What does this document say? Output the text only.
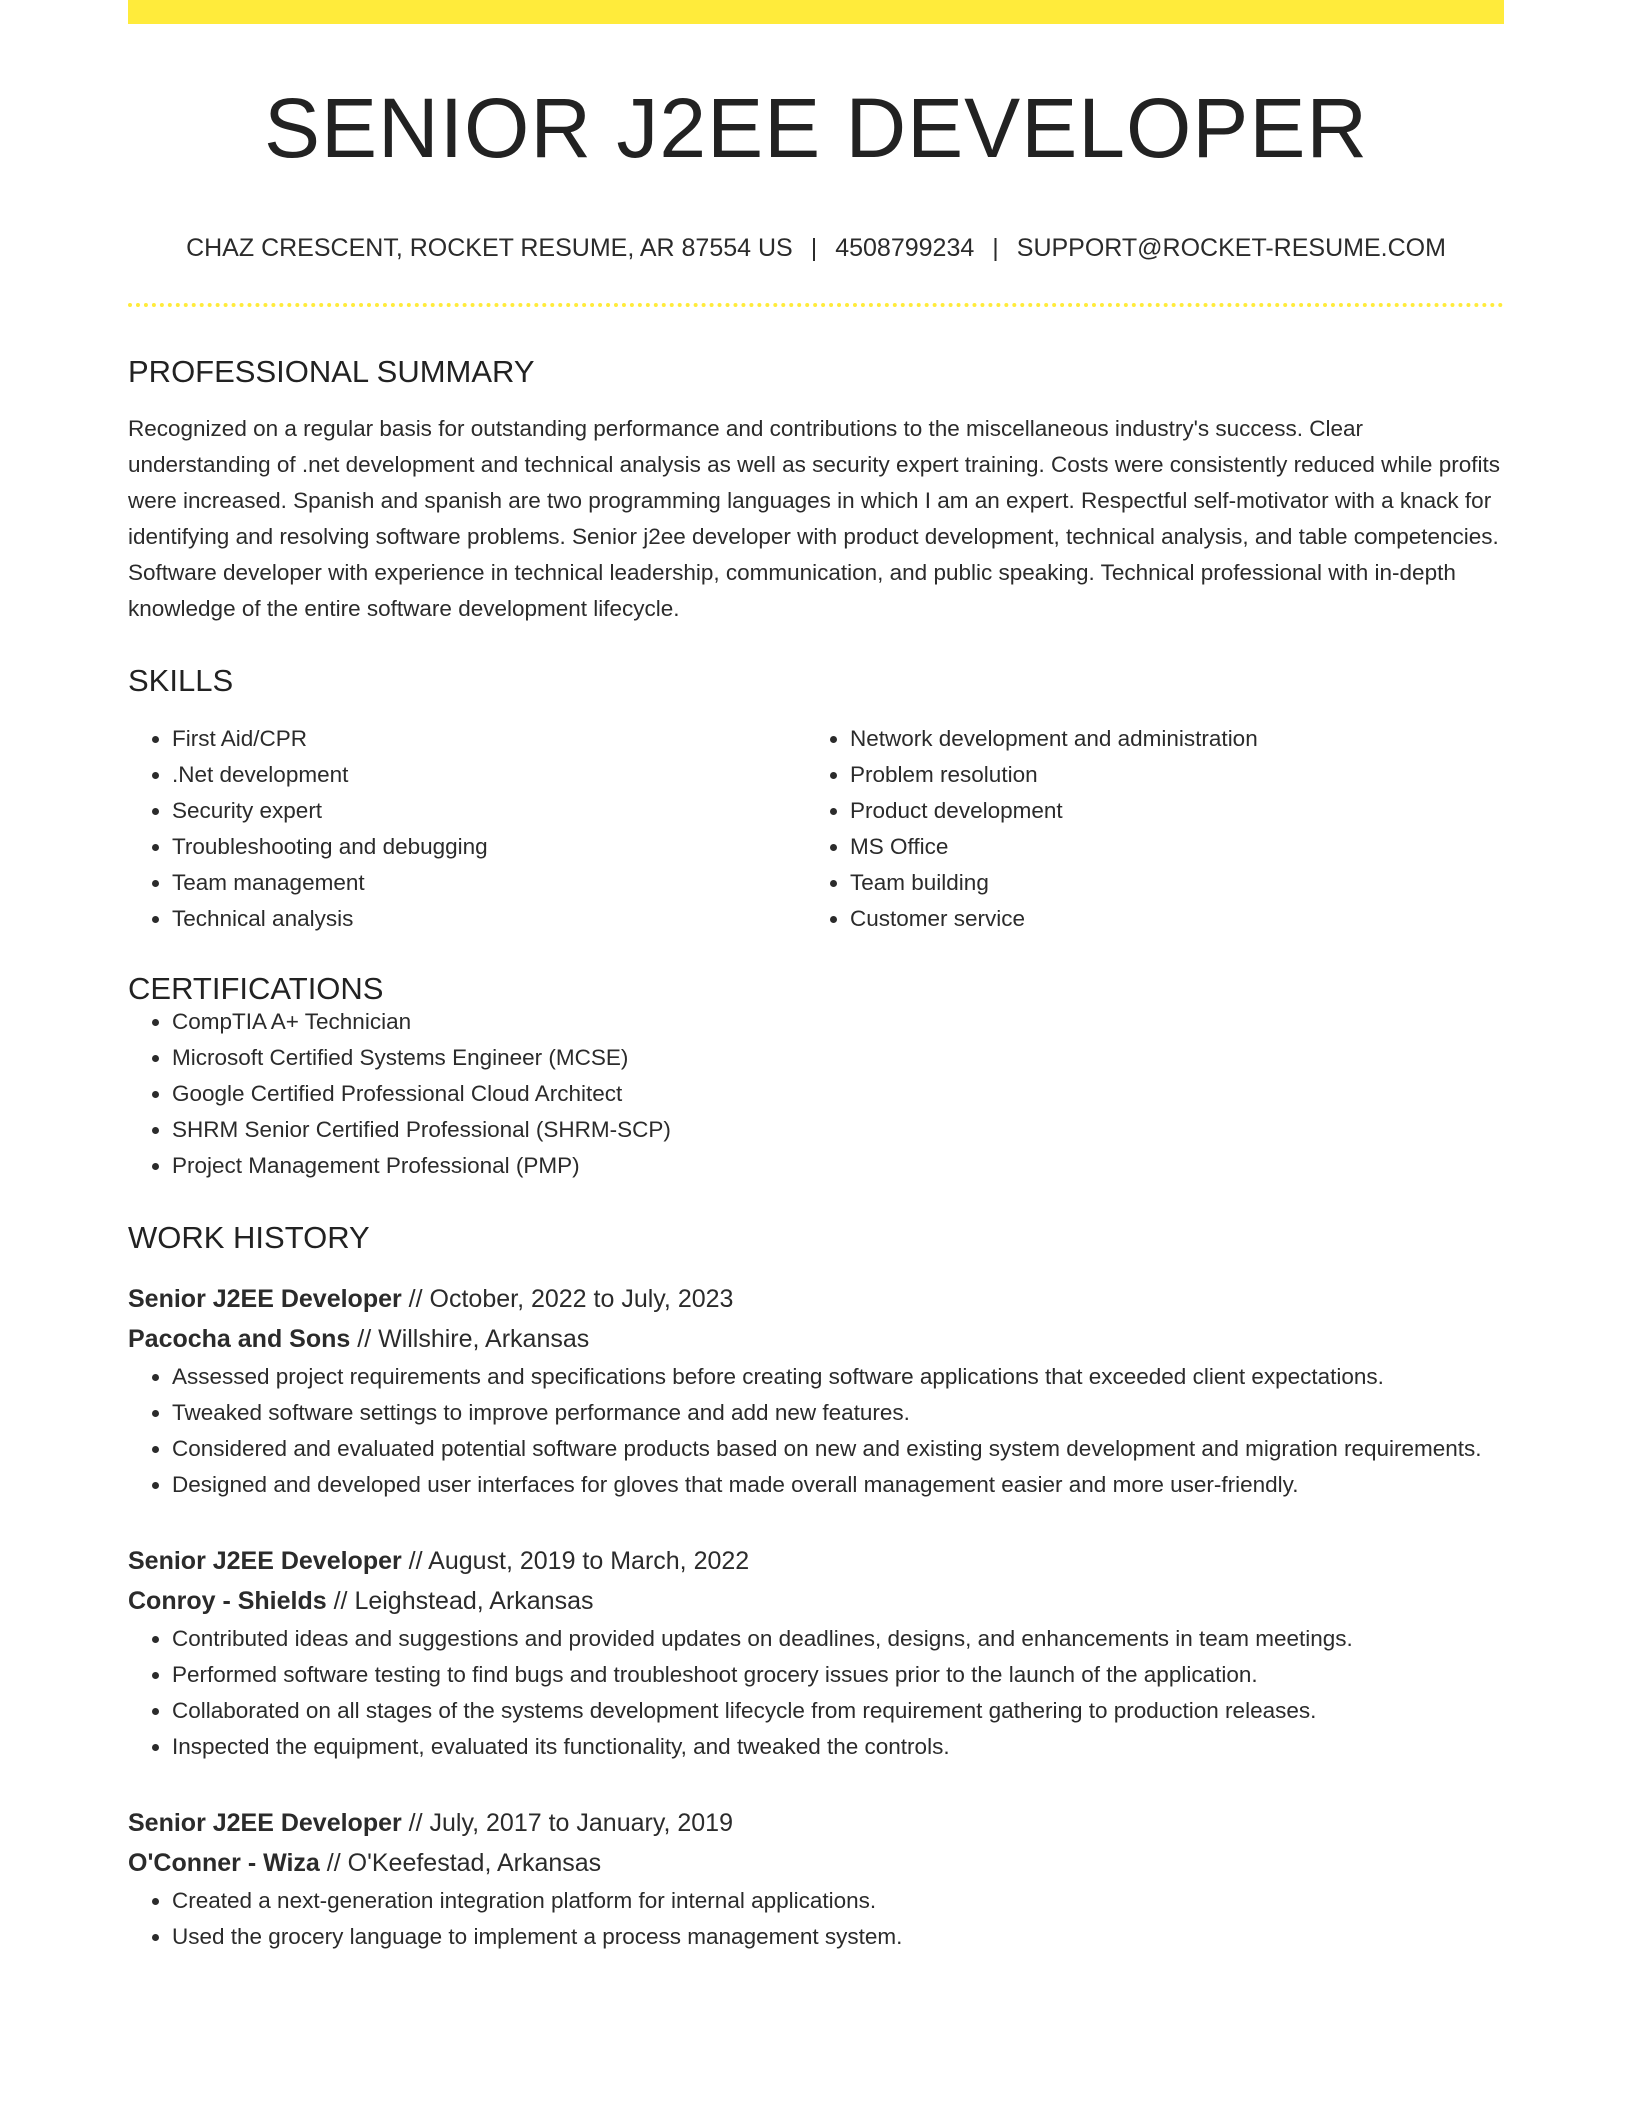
SENIOR J2EE DEVELOPER
CHAZ CRESCENT, ROCKET RESUME, AR 87554 US | 4508799234 | SUPPORT@ROCKET-RESUME.COM
PROFESSIONAL SUMMARY
Recognized on a regular basis for outstanding performance and contributions to the miscellaneous industry's success. Clear understanding of .net development and technical analysis as well as security expert training. Costs were consistently reduced while profits were increased. Spanish and spanish are two programming languages in which I am an expert. Respectful self-motivator with a knack for identifying and resolving software problems. Senior j2ee developer with product development, technical analysis, and table competencies. Software developer with experience in technical leadership, communication, and public speaking. Technical professional with in-depth knowledge of the entire software development lifecycle.
SKILLS
• First Aid/CPR
• .Net development
• Security expert
• Troubleshooting and debugging
• Team management
• Technical analysis
• Network development and administration
• Problem resolution
• Product development
• MS Office
• Team building
• Customer service
CERTIFICATIONS
• CompTIA A+ Technician
• Microsoft Certified Systems Engineer (MCSE)
• Google Certified Professional Cloud Architect
• SHRM Senior Certified Professional (SHRM-SCP)
• Project Management Professional (PMP)
WORK HISTORY
Senior J2EE Developer // October, 2022 to July, 2023
Pacocha and Sons // Willshire, Arkansas
• Assessed project requirements and specifications before creating software applications that exceeded client expectations.
• Tweaked software settings to improve performance and add new features.
• Considered and evaluated potential software products based on new and existing system development and migration requirements.
• Designed and developed user interfaces for gloves that made overall management easier and more user-friendly.
Senior J2EE Developer // August, 2019 to March, 2022
Conroy - Shields // Leighstead, Arkansas
• Contributed ideas and suggestions and provided updates on deadlines, designs, and enhancements in team meetings.
• Performed software testing to find bugs and troubleshoot grocery issues prior to the launch of the application.
• Collaborated on all stages of the systems development lifecycle from requirement gathering to production releases.
• Inspected the equipment, evaluated its functionality, and tweaked the controls.
Senior J2EE Developer // July, 2017 to January, 2019
O'Conner - Wiza // O'Keefestad, Arkansas
• Created a next-generation integration platform for internal applications.
• Used the grocery language to implement a process management system.
